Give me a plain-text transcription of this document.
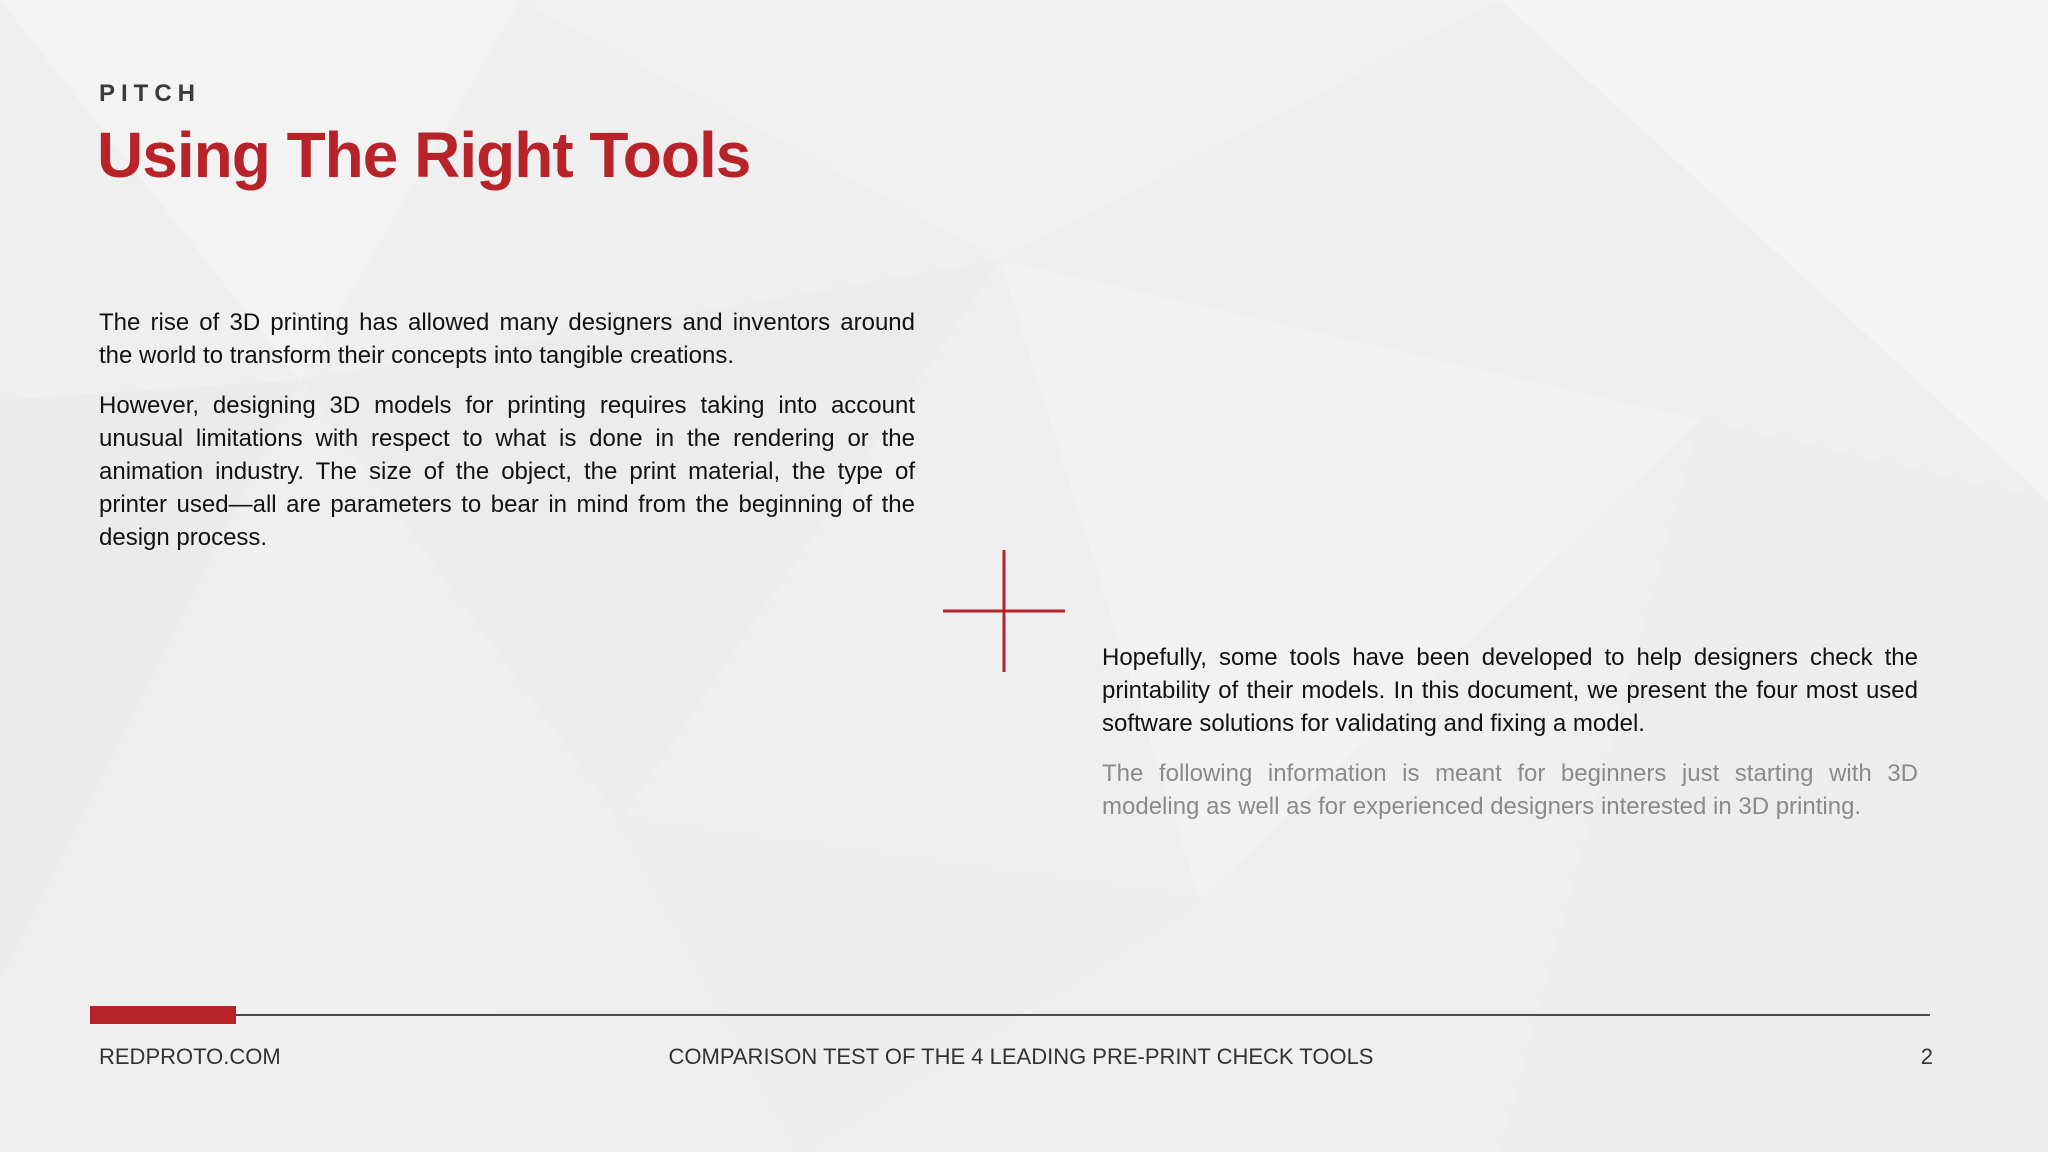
PITCH
Using The Right Tools

The rise of 3D printing has allowed many designers and inventors around the world to transform their concepts into tangible creations.

However, designing 3D models for printing requires taking into account unusual limitations with respect to what is done in the rendering or the animation industry. The size of the object, the print material, the type of printer used—all are parameters to bear in mind from the beginning of the design process.

Hopefully, some tools have been developed to help designers check the printability of their models. In this document, we present the four most used software solutions for validating and fixing a model.

The following information is meant for beginners just starting with 3D modeling as well as for experienced designers interested in 3D printing.

REDPROTO.COM	COMPARISON TEST OF THE 4 LEADING PRE-PRINT CHECK TOOLS	2
